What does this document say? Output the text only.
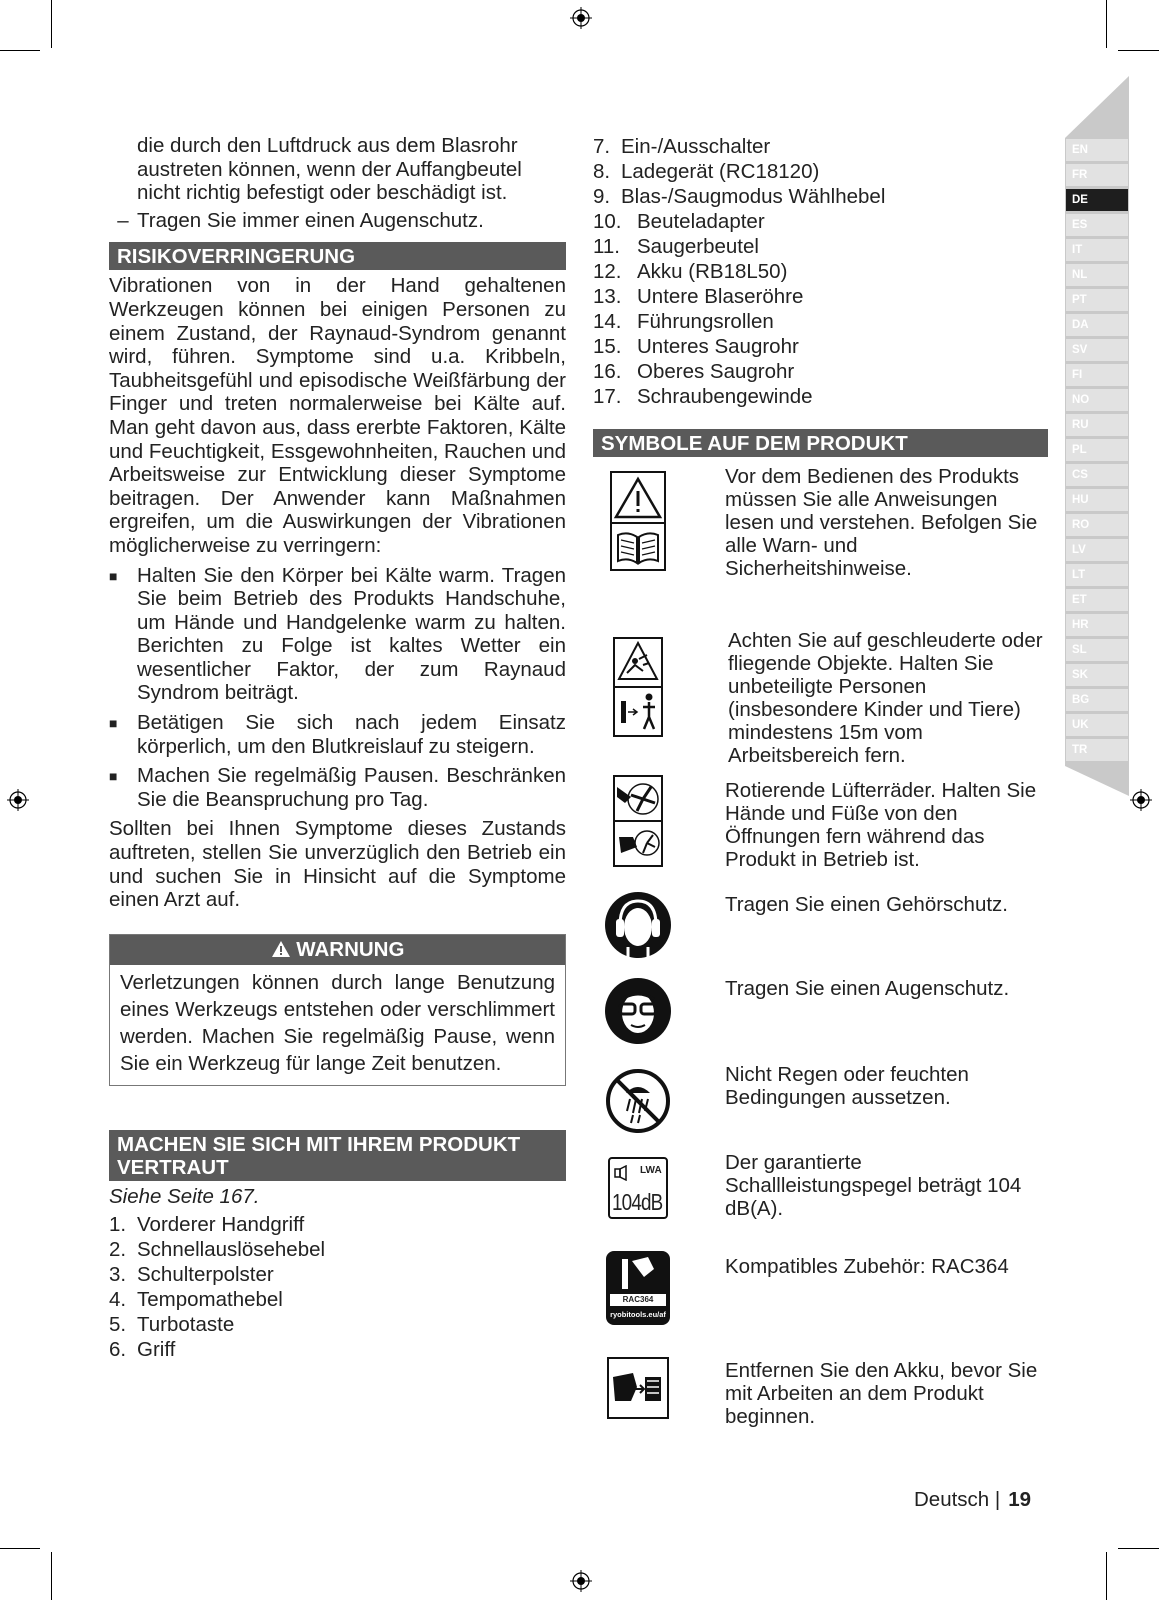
EN
FR
DE
ES
IT
NL
PT
DA
SV
FI
NO
RU
PL
CS
HU
RO
LV
LT
ET
HR
SL
SK
BG
UK
TR

die durch den Luftdruck aus dem Blasrohr austreten können, wenn der Auffangbeutel nicht richtig befestigt oder beschädigt ist.

– Tragen Sie immer einen Augenschutz.
RISIKOVERRINGERUNG

Vibrationen von in der Hand gehaltenen Werkzeugen können bei einigen Personen zu einem Zustand, der Raynaud-Syndrom genannt wird, führen. Symptome sind u.a. Kribbeln, Taubheitsgefühl und episodische Weißfärbung der Finger und treten normalerweise bei Kälte auf. Man geht davon aus, dass ererbte Faktoren, Kälte und Feuchtigkeit, Essgewohnheiten, Rauchen und Arbeitsweise zur Entwicklung dieser Symptome beitragen. Der Anwender kann Maßnahmen ergreifen, um die Auswirkungen der Vibrationen möglicherweise zu verringern:

■ Halten Sie den Körper bei Kälte warm. Tragen Sie beim Betrieb des Produkts Handschuhe, um Hände und Handgelenke warm zu halten. Berichten zu Folge ist kaltes Wetter ein wesentlicher Faktor, der zum Raynaud Syndrom beiträgt.
■ Betätigen Sie sich nach jedem Einsatz körperlich, um den Blutkreislauf zu steigern.
■ Machen Sie regelmäßig Pausen. Beschränken Sie die Beanspruchung pro Tag.

Sollten bei Ihnen Symptome dieses Zustands auftreten, stellen Sie unverzüglich den Betrieb ein und suchen Sie in Hinsicht auf die Symptome einen Arzt auf.

WARNUNG
Verletzungen können durch lange Benutzung eines Werkzeugs entstehen oder verschlimmert werden. Machen Sie regelmäßig Pause, wenn Sie ein Werkzeug für lange Zeit benutzen.
MACHEN SIE SICH MIT IHREM PRODUKT VERTRAUT

Siehe Seite 167.

1. Vorderer Handgriff
2. Schnellauslösehebel
3. Schulterpolster
4. Tempomathebel
5. Turbotaste
6. Griff
7. Ein-/Ausschalter
8. Ladegerät (RC18120)
9. Blas-/Saugmodus Wählhebel
10. Beuteladapter
11. Saugerbeutel
12. Akku (RB18L50)
13. Untere Blaseröhre
14. Führungsrollen
15. Unteres Saugrohr
16. Oberes Saugrohr
17. Schraubengewinde
SYMBOLE AUF DEM PRODUKT
Vor dem Bedienen des Produkts müssen Sie alle Anweisungen lesen und verstehen. Befolgen Sie alle Warn- und Sicherheitshinweise.
Achten Sie auf geschleuderte oder fliegende Objekte. Halten Sie unbeteiligte Personen (insbesondere Kinder und Tiere) mindestens 15m vom Arbeitsbereich fern.
Rotierende Lüfterräder. Halten Sie Hände und Füße von den Öffnungen fern während das Produkt in Betrieb ist.
Tragen Sie einen Gehörschutz.
Tragen Sie einen Augenschutz.
Nicht Regen oder feuchten Bedingungen aussetzen.
LWA
104dB
Der garantierte Schallleistungspegel beträgt 104 dB(A).
RAC364
ryobitools.eu/af
Kompatibles Zubehör: RAC364
Entfernen Sie den Akku, bevor Sie mit Arbeiten an dem Produkt beginnen.
Deutsch | 19
